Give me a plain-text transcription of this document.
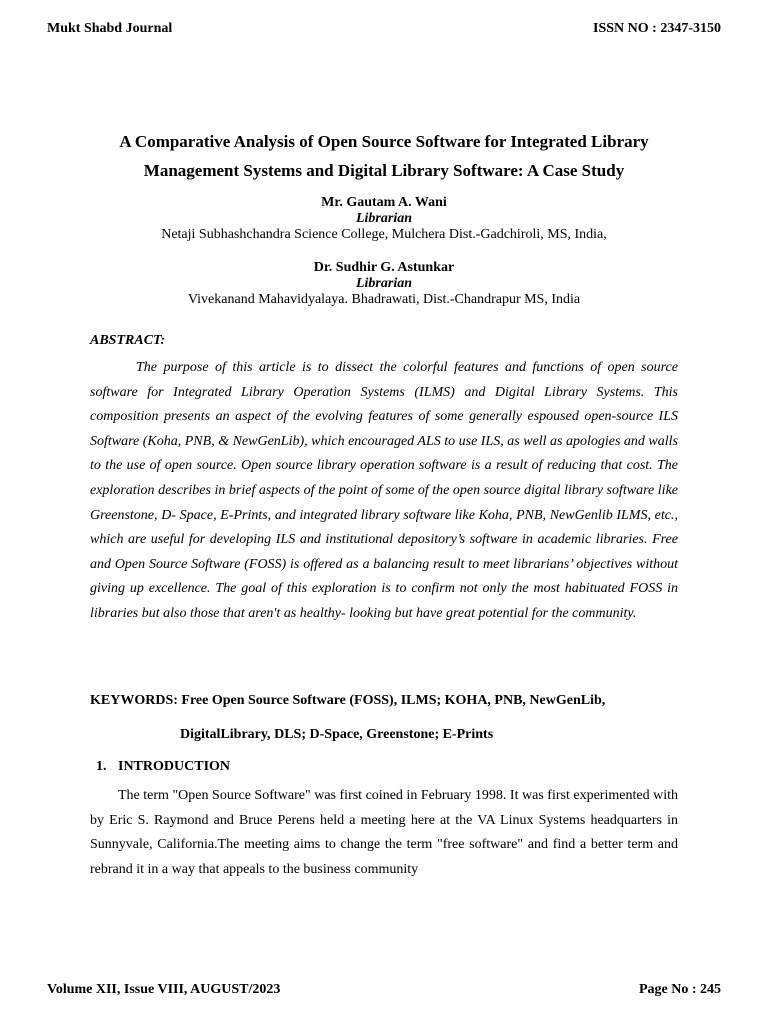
Mukt Shabd Journal	ISSN NO : 2347-3150
A Comparative Analysis of Open Source Software for Integrated Library Management Systems and Digital Library Software: A Case Study
Mr. Gautam A. Wani
Librarian
Netaji Subhashchandra Science College, Mulchera Dist.-Gadchiroli, MS, India,
Dr. Sudhir G. Astunkar
Librarian
Vivekanand Mahavidyalaya. Bhadrawati, Dist.-Chandrapur MS, India
ABSTRACT:
The purpose of this article is to dissect the colorful features and functions of open source software for Integrated Library Operation Systems (ILMS) and Digital Library Systems. This composition presents an aspect of the evolving features of some generally espoused open-source ILS Software (Koha, PNB, & NewGenLib), which encouraged ALS to use ILS, as well as apologies and walls to the use of open source. Open source library operation software is a result of reducing that cost. The exploration describes in brief aspects of the point of some of the open source digital library software like Greenstone, D- Space, E-Prints, and integrated library software like Koha, PNB, NewGenlib ILMS, etc., which are useful for developing ILS and institutional depository’s software in academic libraries. Free and Open Source Software (FOSS) is offered as a balancing result to meet librarians’ objectives without giving up excellence. The goal of this exploration is to confirm not only the most habituated FOSS in libraries but also those that aren't as healthy- looking but have great potential for the community.
KEYWORDS: Free Open Source Software (FOSS), ILMS; KOHA, PNB, NewGenLib,
DigitalLibrary, DLS; D-Space, Greenstone; E-Prints
1. INTRODUCTION
The term "Open Source Software" was first coined in February 1998. It was first experimented with by Eric S. Raymond and Bruce Perens held a meeting here at the VA Linux Systems headquarters in Sunnyvale, California.The meeting aims to change the term "free software" and find a better term and rebrand it in a way that appeals to the business community
Volume XII, Issue VIII, AUGUST/2023	Page No : 245
